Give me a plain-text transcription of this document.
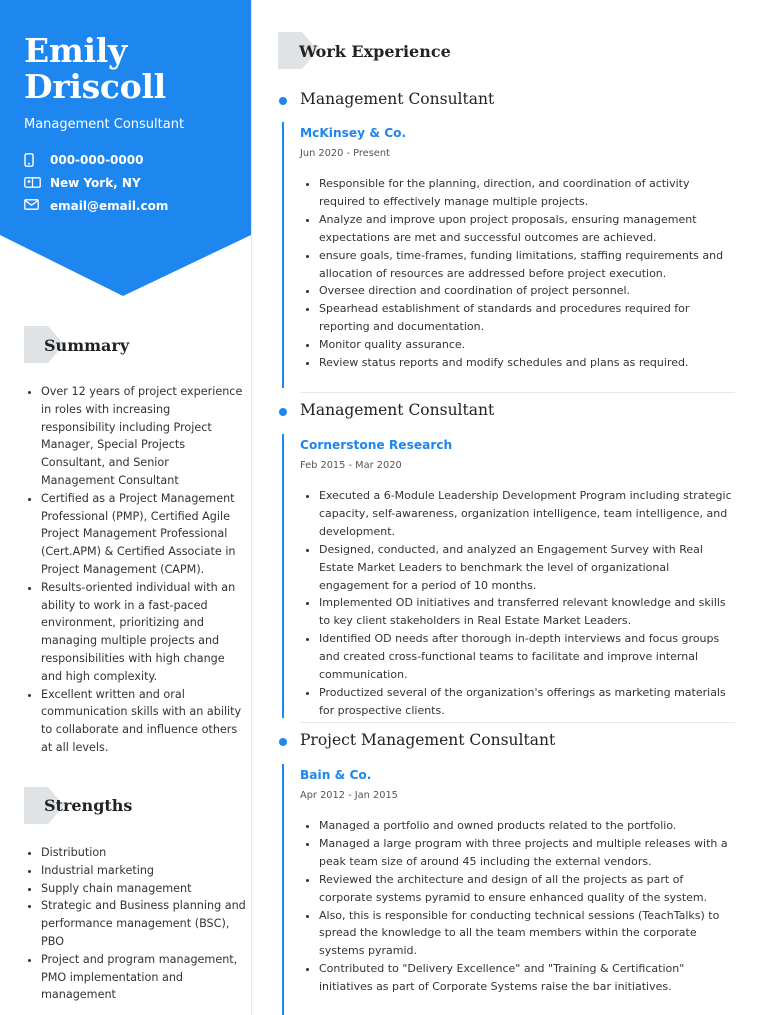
Emily
Driscoll
Management Consultant
000-000-0000
New York, NY
email@email.com
Summary
• Over 12 years of project experience in roles with increasing responsibility including Project Manager, Special Projects Consultant, and Senior Management Consultant
• Certified as a Project Management Professional (PMP), Certified Agile Project Management Professional (Cert.APM) & Certified Associate in Project Management (CAPM).
• Results-oriented individual with an ability to work in a fast-paced environment, prioritizing and managing multiple projects and responsibilities with high change and high complexity.
• Excellent written and oral communication skills with an ability to collaborate and influence others at all levels.
Strengths
• Distribution
• Industrial marketing
• Supply chain management
• Strategic and Business planning and performance management (BSC), PBO
• Project and program management, PMO implementation and management
Work Experience
Management Consultant
McKinsey & Co.
Jun 2020 - Present
• Responsible for the planning, direction, and coordination of activity required to effectively manage multiple projects.
• Analyze and improve upon project proposals, ensuring management expectations are met and successful outcomes are achieved.
• ensure goals, time-frames, funding limitations, staffing requirements and allocation of resources are addressed before project execution.
• Oversee direction and coordination of project personnel.
• Spearhead establishment of standards and procedures required for reporting and documentation.
• Monitor quality assurance.
• Review status reports and modify schedules and plans as required.
Management Consultant
Cornerstone Research
Feb 2015 - Mar 2020
• Executed a 6-Module Leadership Development Program including strategic capacity, self-awareness, organization intelligence, team intelligence, and development.
• Designed, conducted, and analyzed an Engagement Survey with Real Estate Market Leaders to benchmark the level of organizational engagement for a period of 10 months.
• Implemented OD initiatives and transferred relevant knowledge and skills to key client stakeholders in Real Estate Market Leaders.
• Identified OD needs after thorough in-depth interviews and focus groups and created cross-functional teams to facilitate and improve internal communication.
• Productized several of the organization's offerings as marketing materials for prospective clients.
Project Management Consultant
Bain & Co.
Apr 2012 - Jan 2015
• Managed a portfolio and owned products related to the portfolio.
• Managed a large program with three projects and multiple releases with a peak team size of around 45 including the external vendors.
• Reviewed the architecture and design of all the projects as part of corporate systems pyramid to ensure enhanced quality of the system.
• Also, this is responsible for conducting technical sessions (TeachTalks) to spread the knowledge to all the team members within the corporate systems pyramid.
• Contributed to "Delivery Excellence" and "Training & Certification" initiatives as part of Corporate Systems raise the bar initiatives.
